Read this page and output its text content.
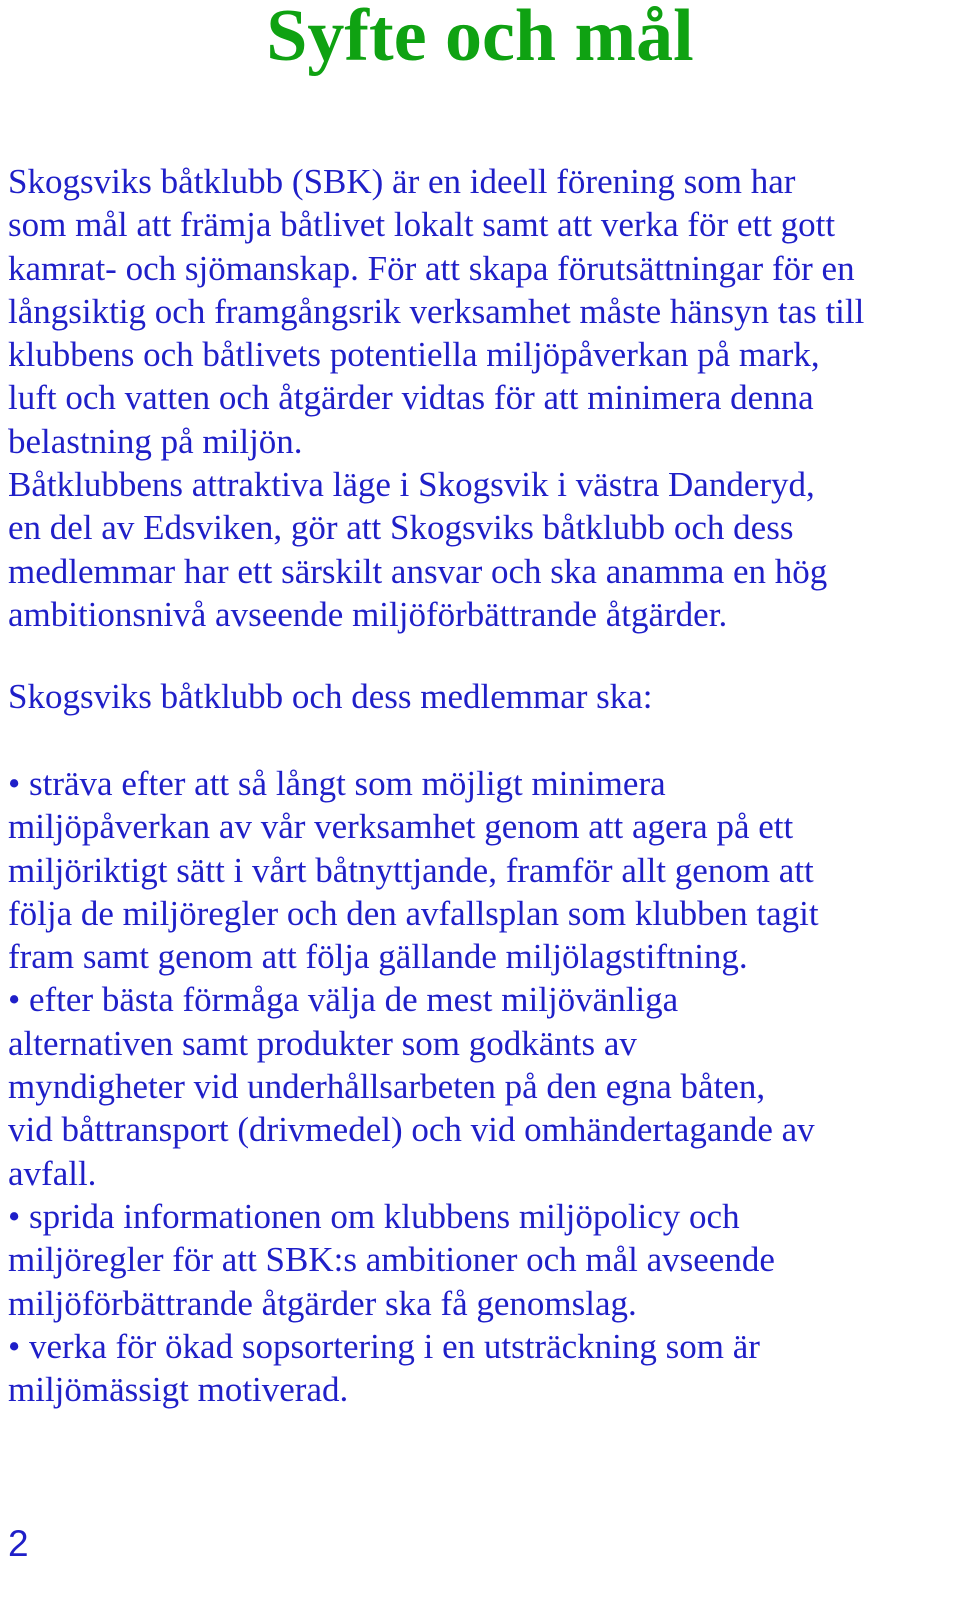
Syfte och mål
Skogsviks båtklubb (SBK) är en ideell förening som har
som mål att främja båtlivet lokalt samt att verka för ett gott
kamrat- och sjömanskap. För att skapa förutsättningar för en
långsiktig och framgångsrik verksamhet måste hänsyn tas till
klubbens och båtlivets potentiella miljöpåverkan på mark,
luft och vatten och åtgärder vidtas för att minimera denna
belastning på miljön.
Båtklubbens attraktiva läge i Skogsvik i västra Danderyd,
en del av Edsviken, gör att Skogsviks båtklubb och dess
medlemmar har ett särskilt ansvar och ska anamma en hög
ambitionsnivå avseende miljöförbättrande åtgärder.
Skogsviks båtklubb och dess medlemmar ska:
• sträva efter att så långt som möjligt minimera
miljöpåverkan av vår verksamhet genom att agera på ett
miljöriktigt sätt i vårt båtnyttjande, framför allt genom att
följa de miljöregler och den avfallsplan som klubben tagit
fram samt genom att följa gällande miljölagstiftning.
• efter bästa förmåga välja de mest miljövänliga
alternativen samt produkter som godkänts av
myndigheter vid underhållsarbeten på den egna båten,
vid båttransport (drivmedel) och vid omhändertagande av
avfall.
• sprida informationen om klubbens miljöpolicy och
miljöregler för att SBK:s ambitioner och mål avseende
miljöförbättrande åtgärder ska få genomslag.
• verka för ökad sopsortering i en utsträckning som är
miljömässigt motiverad.
2
